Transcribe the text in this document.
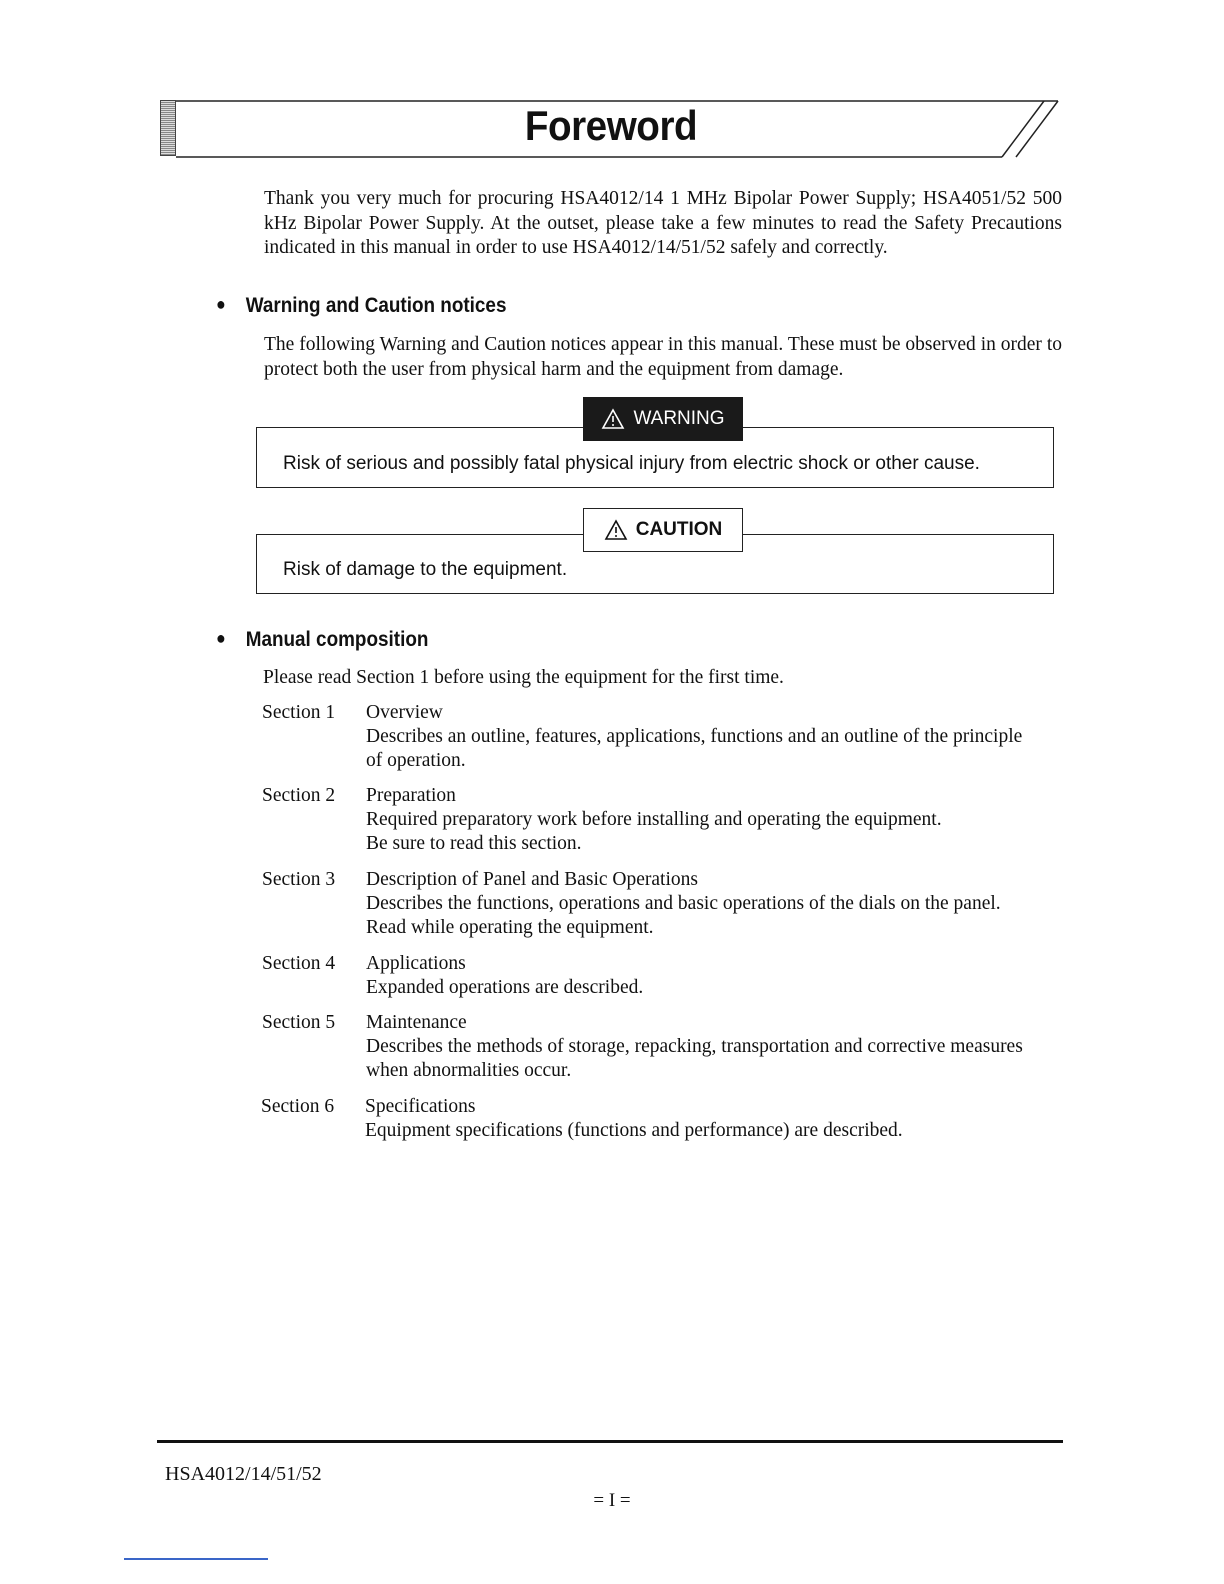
Foreword
Thank you very much for procuring HSA4012/14 1 MHz Bipolar Power Supply; HSA4051/52 500 kHz Bipolar Power Supply. At the outset, please take a few minutes to read the Safety Precautions indicated in this manual in order to use HSA4012/14/51/52 safely and correctly.
● Warning and Caution notices
The following Warning and Caution notices appear in this manual. These must be observed in order to protect both the user from physical harm and the equipment from damage.
Risk of serious and possibly fatal physical injury from electric shock or other cause.
WARNING
Risk of damage to the equipment.
CAUTION
● Manual composition
Please read Section 1 before using the equipment for the first time.
Section 1	Overview
Describes an outline, features, applications, functions and an outline of the principle
of operation.
Section 2	Preparation
Required preparatory work before installing and operating the equipment.
Be sure to read this section.
Section 3	Description of Panel and Basic Operations
Describes the functions, operations and basic operations of the dials on the panel.
Read while operating the equipment.
Section 4	Applications
Expanded operations are described.
Section 5	Maintenance
Describes the methods of storage, repacking, transportation and corrective measures
when abnormalities occur.
Section 6	Specifications
Equipment specifications (functions and performance) are described.
HSA4012/14/51/52
= I =
